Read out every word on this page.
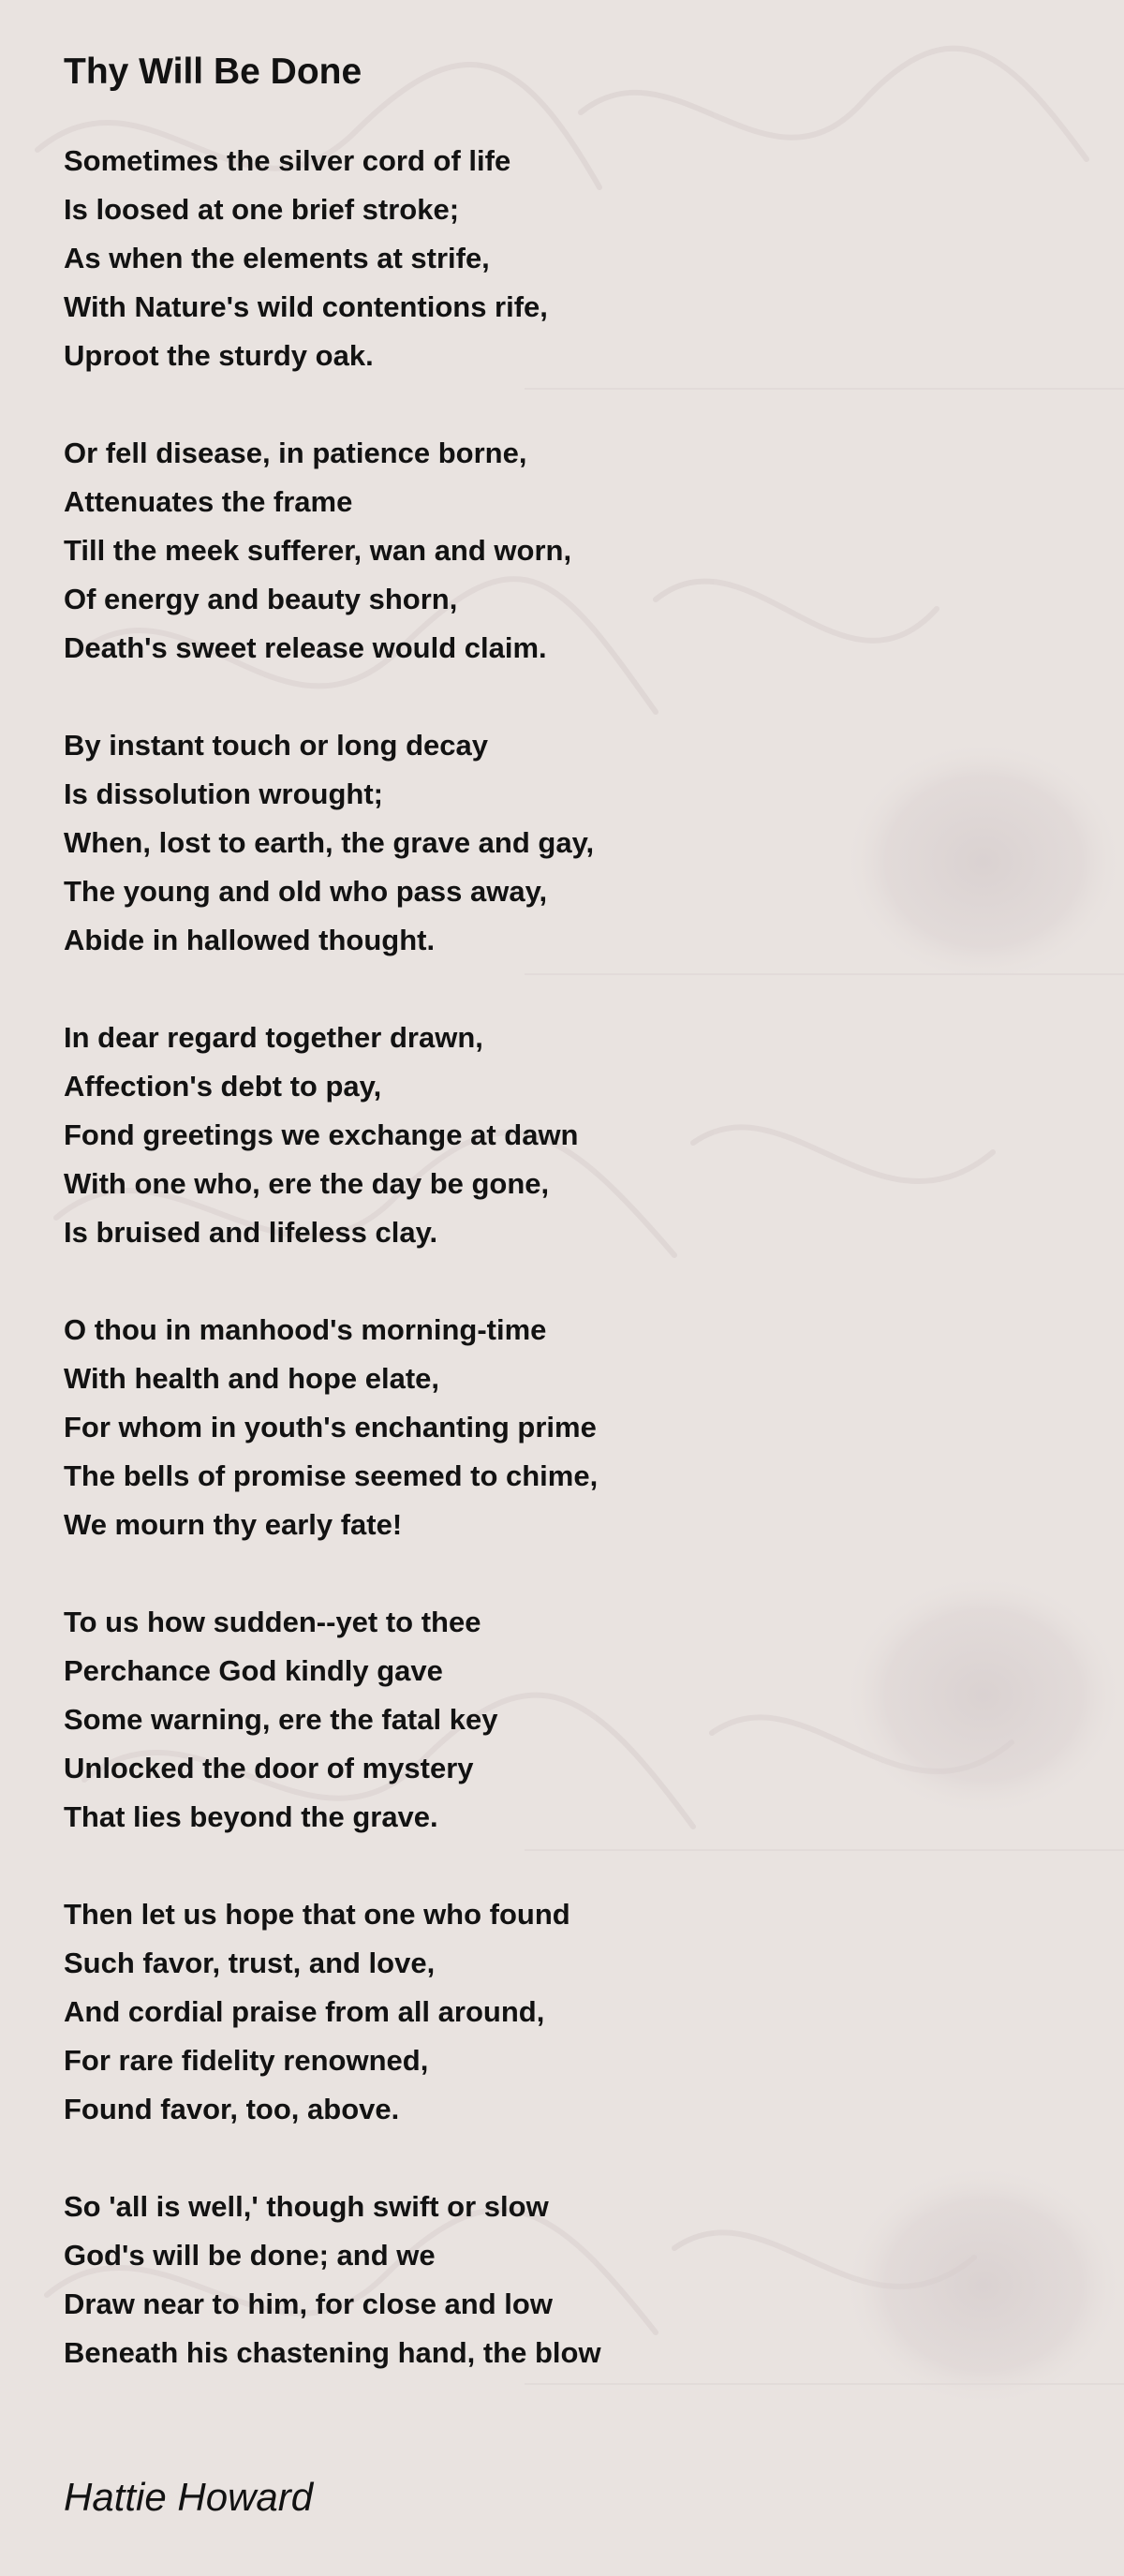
Thy Will Be Done
Sometimes the silver cord of life
Is loosed at one brief stroke;
As when the elements at strife,
With Nature's wild contentions rife,
Uproot the sturdy oak.
Or fell disease, in patience borne,
Attenuates the frame
Till the meek sufferer, wan and worn,
Of energy and beauty shorn,
Death's sweet release would claim.
By instant touch or long decay
Is dissolution wrought;
When, lost to earth, the grave and gay,
The young and old who pass away,
Abide in hallowed thought.
In dear regard together drawn,
Affection's debt to pay,
Fond greetings we exchange at dawn
With one who, ere the day be gone,
Is bruised and lifeless clay.
O thou in manhood's morning-time
With health and hope elate,
For whom in youth's enchanting prime
The bells of promise seemed to chime,
We mourn thy early fate!
To us how sudden--yet to thee
Perchance God kindly gave
Some warning, ere the fatal key
Unlocked the door of mystery
That lies beyond the grave.
Then let us hope that one who found
Such favor, trust, and love,
And cordial praise from all around,
For rare fidelity renowned,
Found favor, too, above.
So 'all is well,' though swift or slow
God's will be done; and we
Draw near to him, for close and low
Beneath his chastening hand, the blow
Hattie Howard
